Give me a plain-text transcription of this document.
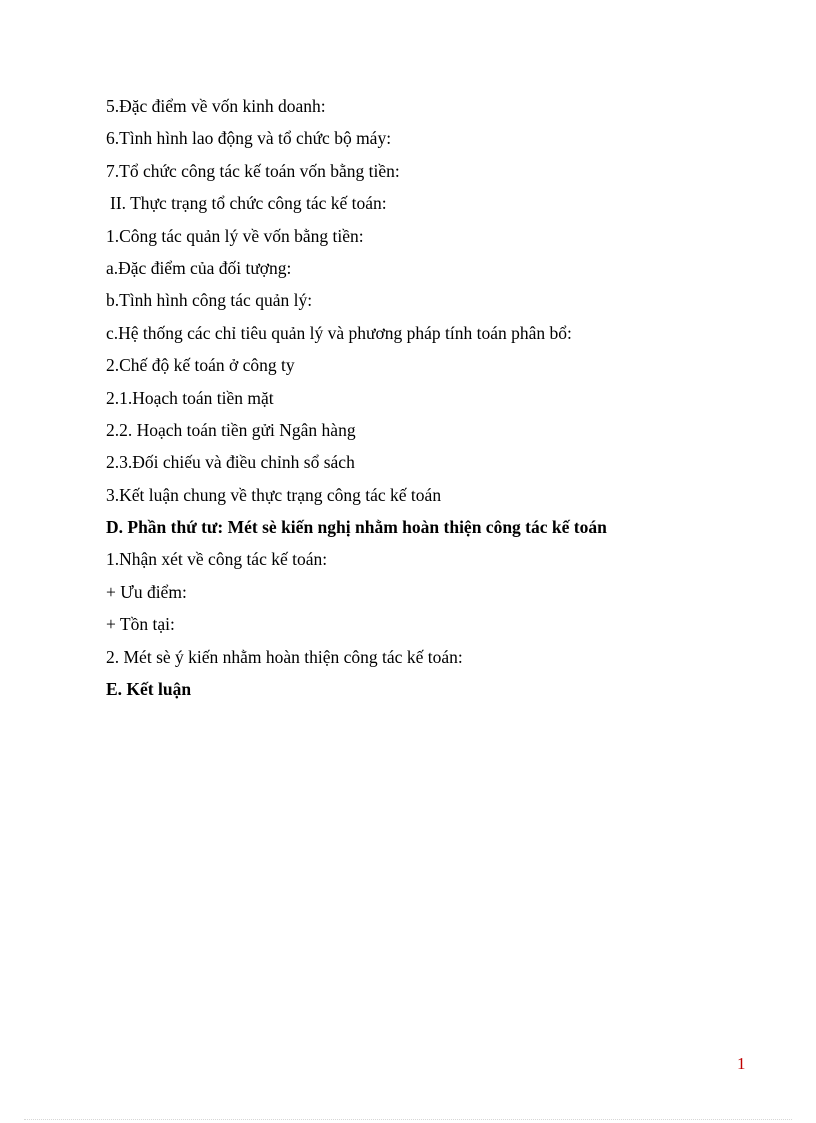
5.Đặc điểm về vốn kinh doanh:
6.Tình hình lao động và tổ chức bộ máy:
7.Tổ chức công tác kế toán vốn bằng tiền:
II. Thực trạng tổ chức công tác kế toán:
1.Công tác quản lý về vốn bằng tiền:
a.Đặc điểm của đối tượng:
b.Tình hình công tác quản lý:
c.Hệ thống các chỉ tiêu quản lý và phương pháp tính toán phân bổ:
2.Chế độ kế toán ở công ty
2.1.Hoạch toán tiền mặt
2.2. Hoạch toán tiền gửi Ngân hàng
2.3.Đối chiếu và điều chỉnh sổ sách
3.Kết luận chung về thực trạng công tác kế toán
D. Phần thứ tư: Mét sè kiến nghị nhằm hoàn thiện công tác kế toán
1.Nhận xét về công tác kế toán:
+ Ưu điểm:
+ Tồn tại:
2. Mét sè ý kiến nhằm hoàn thiện công tác kế toán:
E. Kết luận
1
